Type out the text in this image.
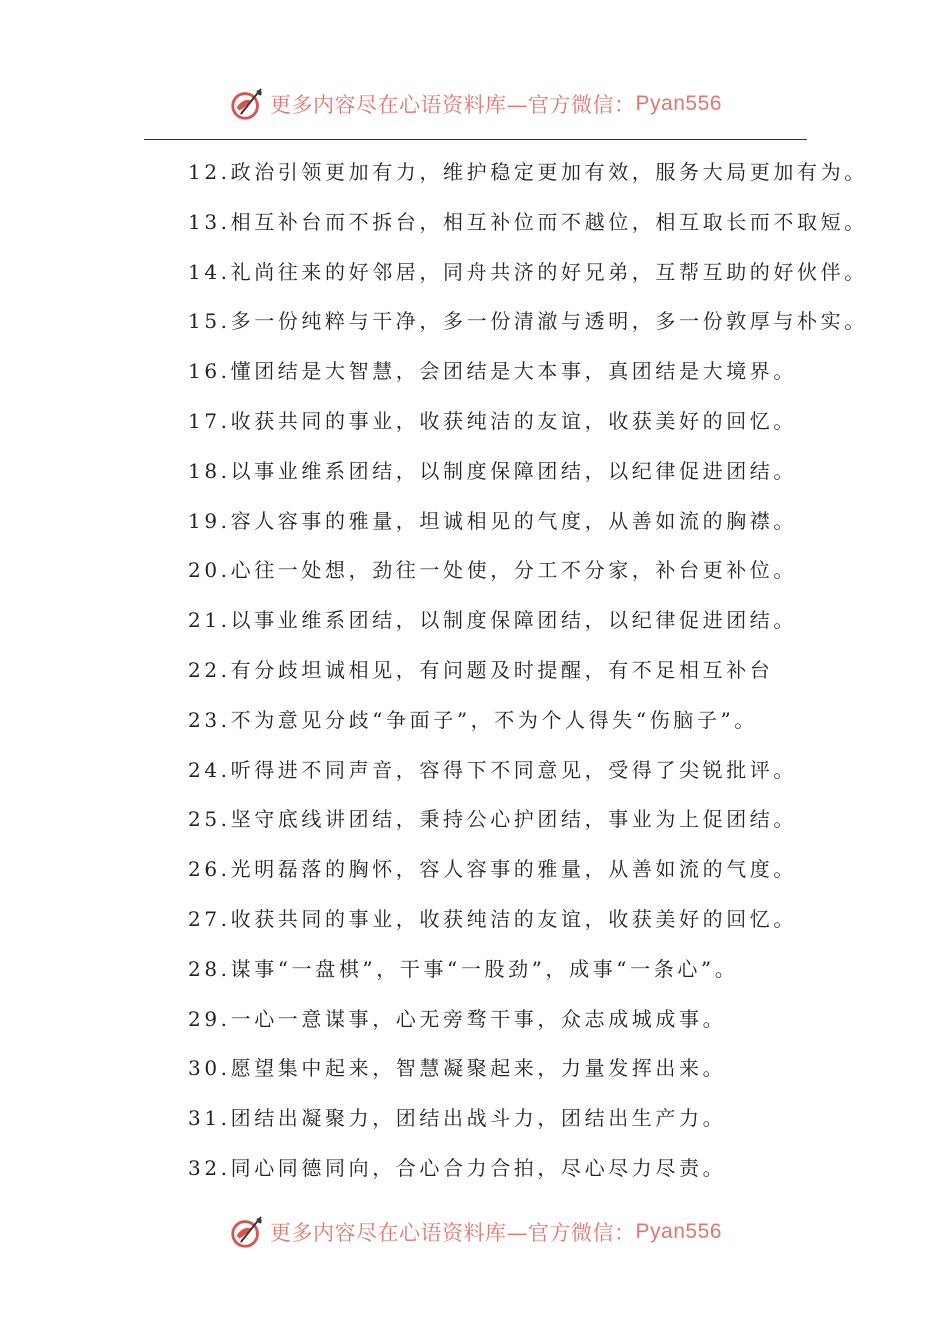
更多内容尽在心语资料库—官方微信： Pyan556
12.政治引领更加有力，维护稳定更加有效，服务大局更加有为。
13.相互补台而不拆台，相互补位而不越位，相互取长而不取短。
14.礼尚往来的好邻居，同舟共济的好兄弟，互帮互助的好伙伴。
15.多一份纯粹与干净，多一份清澈与透明，多一份敦厚与朴实。
16.懂团结是大智慧，会团结是大本事，真团结是大境界。
17.收获共同的事业，收获纯洁的友谊，收获美好的回忆。
18.以事业维系团结，以制度保障团结，以纪律促进团结。
19.容人容事的雅量，坦诚相见的气度，从善如流的胸襟。
20.心往一处想，劲往一处使，分工不分家，补台更补位。
21.以事业维系团结，以制度保障团结，以纪律促进团结。
22.有分歧坦诚相见，有问题及时提醒，有不足相互补台
23.不为意见分歧“争面子”，不为个人得失“伤脑子”。
24.听得进不同声音，容得下不同意见，受得了尖锐批评。
25.坚守底线讲团结，秉持公心护团结，事业为上促团结。
26.光明磊落的胸怀，容人容事的雅量，从善如流的气度。
27.收获共同的事业，收获纯洁的友谊，收获美好的回忆。
28.谋事“一盘棋”，干事“一股劲”，成事“一条心”。
29.一心一意谋事，心无旁骛干事，众志成城成事。
30.愿望集中起来，智慧凝聚起来，力量发挥出来。
31.团结出凝聚力，团结出战斗力，团结出生产力。
32.同心同德同向，合心合力合拍，尽心尽力尽责。
更多内容尽在心语资料库—官方微信： Pyan556
